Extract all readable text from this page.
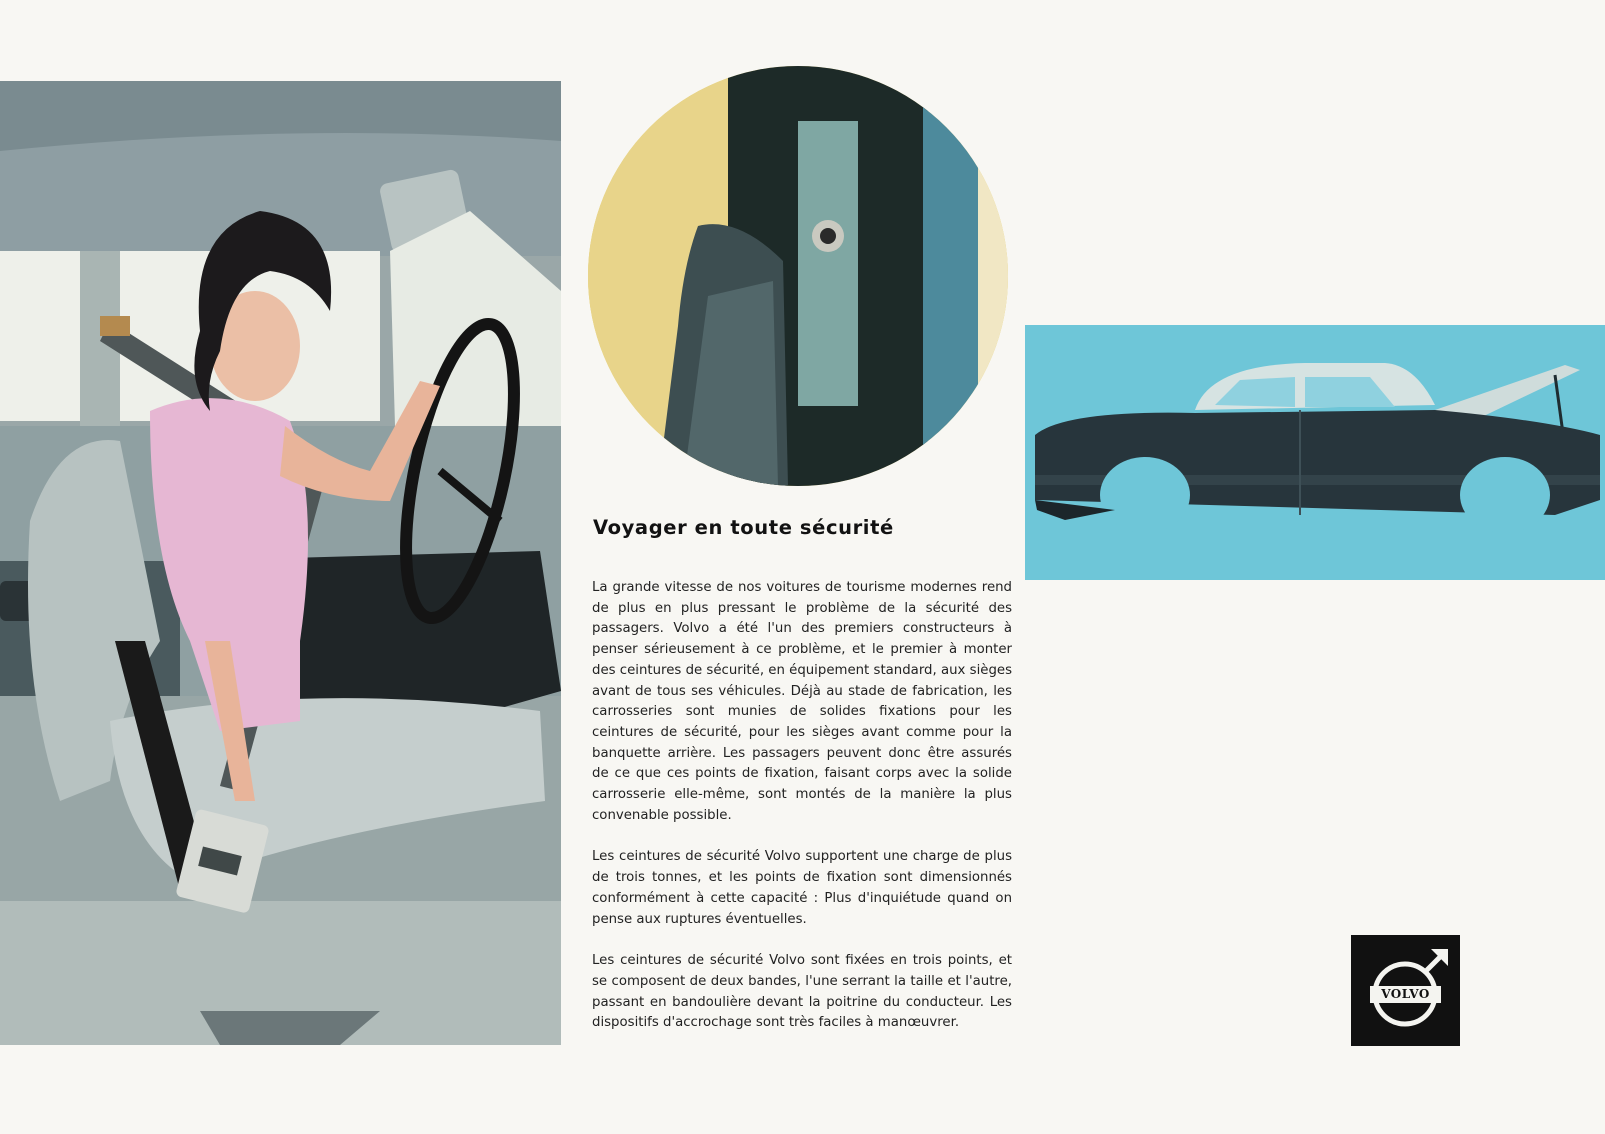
Voyager en toute sécurité

La grande vitesse de nos voitures de tourisme modernes rend de plus en plus pressant le problème de la sécurité des passagers. Volvo a été l'un des premiers constructeurs à penser sérieusement à ce problème, et le premier à monter des ceintures de sécurité, en équipement standard, aux sièges avant de tous ses véhicules. Déjà au stade de fabrication, les carrosseries sont munies de solides fixations pour les ceintures de sécurité, pour les sièges avant comme pour la banquette arrière. Les passagers peuvent donc être assurés de ce que ces points de fixation, faisant corps avec la solide carrosserie elle-même, sont montés de la manière la plus convenable possible.

Les ceintures de sécurité Volvo supportent une charge de plus de trois tonnes, et les points de fixation sont dimensionnés conformément à cette capacité : Plus d'inquiétude quand on pense aux ruptures éventuelles.

Les ceintures de sécurité Volvo sont fixées en trois points, et se composent de deux bandes, l'une serrant la taille et l'autre, passant en bandoulière devant la poitrine du conducteur. Les dispositifs d'accrochage sont très faciles à manœuvrer.

VOLVO
